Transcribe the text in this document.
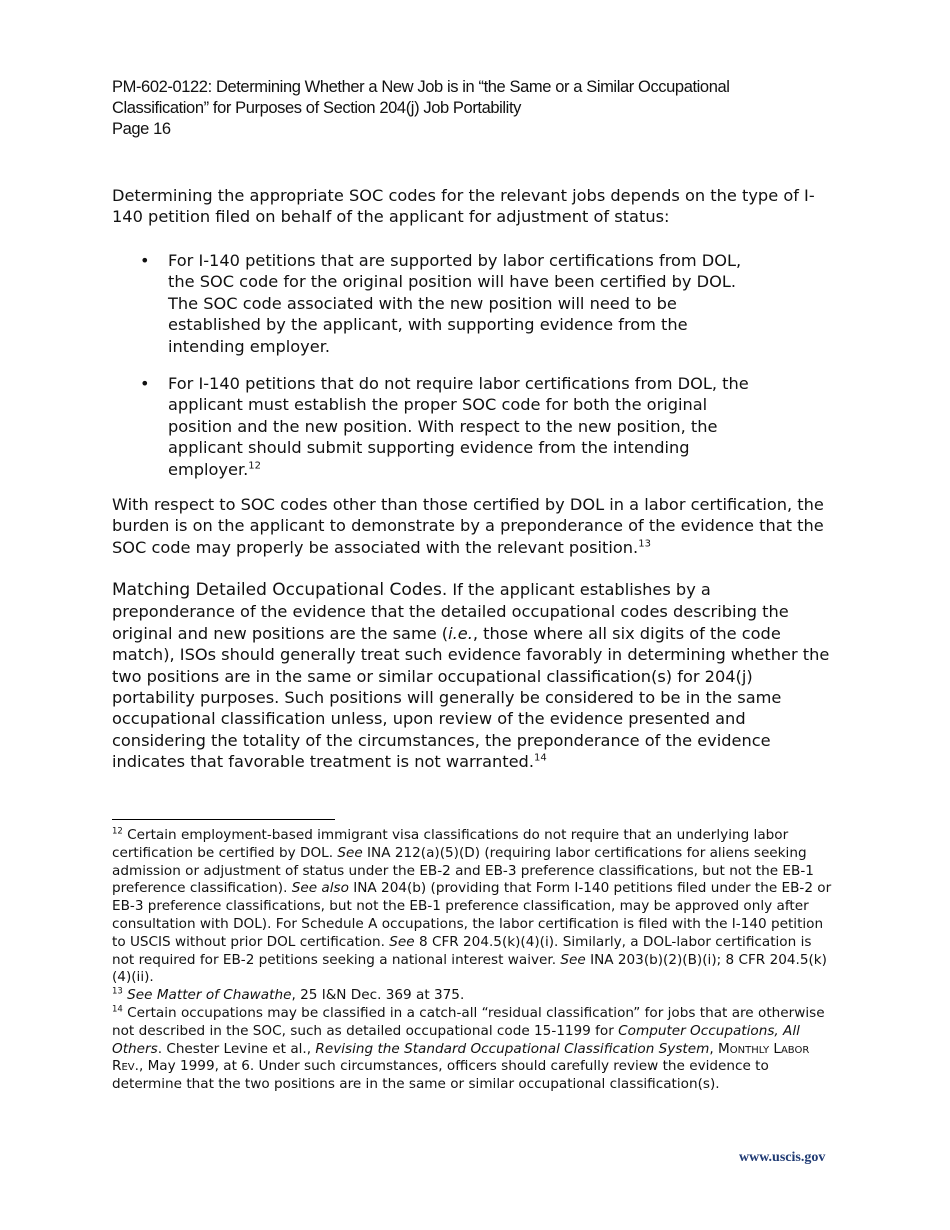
PM-602-0122: Determining Whether a New Job is in “the Same or a Similar Occupational
Classification” for Purposes of Section 204(j) Job Portability
Page 16
Determining the appropriate SOC codes for the relevant jobs depends on the type of I-140 petition filed on behalf of the applicant for adjustment of status:
• For I-140 petitions that are supported by labor certifications from DOL, the SOC code for the original position will have been certified by DOL. The SOC code associated with the new position will need to be established by the applicant, with supporting evidence from the intending employer.
• For I-140 petitions that do not require labor certifications from DOL, the applicant must establish the proper SOC code for both the original position and the new position. With respect to the new position, the applicant should submit supporting evidence from the intending employer.$^{12}$
With respect to SOC codes other than those certified by DOL in a labor certification, the burden is on the applicant to demonstrate by a preponderance of the evidence that the SOC code may properly be associated with the relevant position.$^{13}$
Matching Detailed Occupational Codes. If the applicant establishes by a preponderance of the evidence that the detailed occupational codes describing the original and new positions are the same (i.e., those where all six digits of the code match), ISOs should generally treat such evidence favorably in determining whether the two positions are in the same or similar occupational classification(s) for 204(j) portability purposes. Such positions will generally be considered to be in the same occupational classification unless, upon review of the evidence presented and considering the totality of the circumstances, the preponderance of the evidence indicates that favorable treatment is not warranted.$^{14}$
$^{12}$ Certain employment-based immigrant visa classifications do not require that an underlying labor certification be certified by DOL. See INA 212(a)(5)(D) (requiring labor certifications for aliens seeking admission or adjustment of status under the EB-2 and EB-3 preference classifications, but not the EB-1 preference classification). See also INA 204(b) (providing that Form I-140 petitions filed under the EB-2 or EB-3 preference classifications, but not the EB-1 preference classification, may be approved only after consultation with DOL). For Schedule A occupations, the labor certification is filed with the I-140 petition to USCIS without prior DOL certification. See 8 CFR 204.5(k)(4)(i). Similarly, a DOL-labor certification is not required for EB-2 petitions seeking a national interest waiver. See INA 203(b)(2)(B)(i); 8 CFR 204.5(k)(4)(ii).
$^{13}$ See Matter of Chawathe, 25 I&N Dec. 369 at 375.
$^{14}$ Certain occupations may be classified in a catch-all “residual classification” for jobs that are otherwise not described in the SOC, such as detailed occupational code 15-1199 for Computer Occupations, All Others. Chester Levine et al., Revising the Standard Occupational Classification System, Monthly Labor Rev., May 1999, at 6. Under such circumstances, officers should carefully review the evidence to determine that the two positions are in the same or similar occupational classification(s).
www.uscis.gov
